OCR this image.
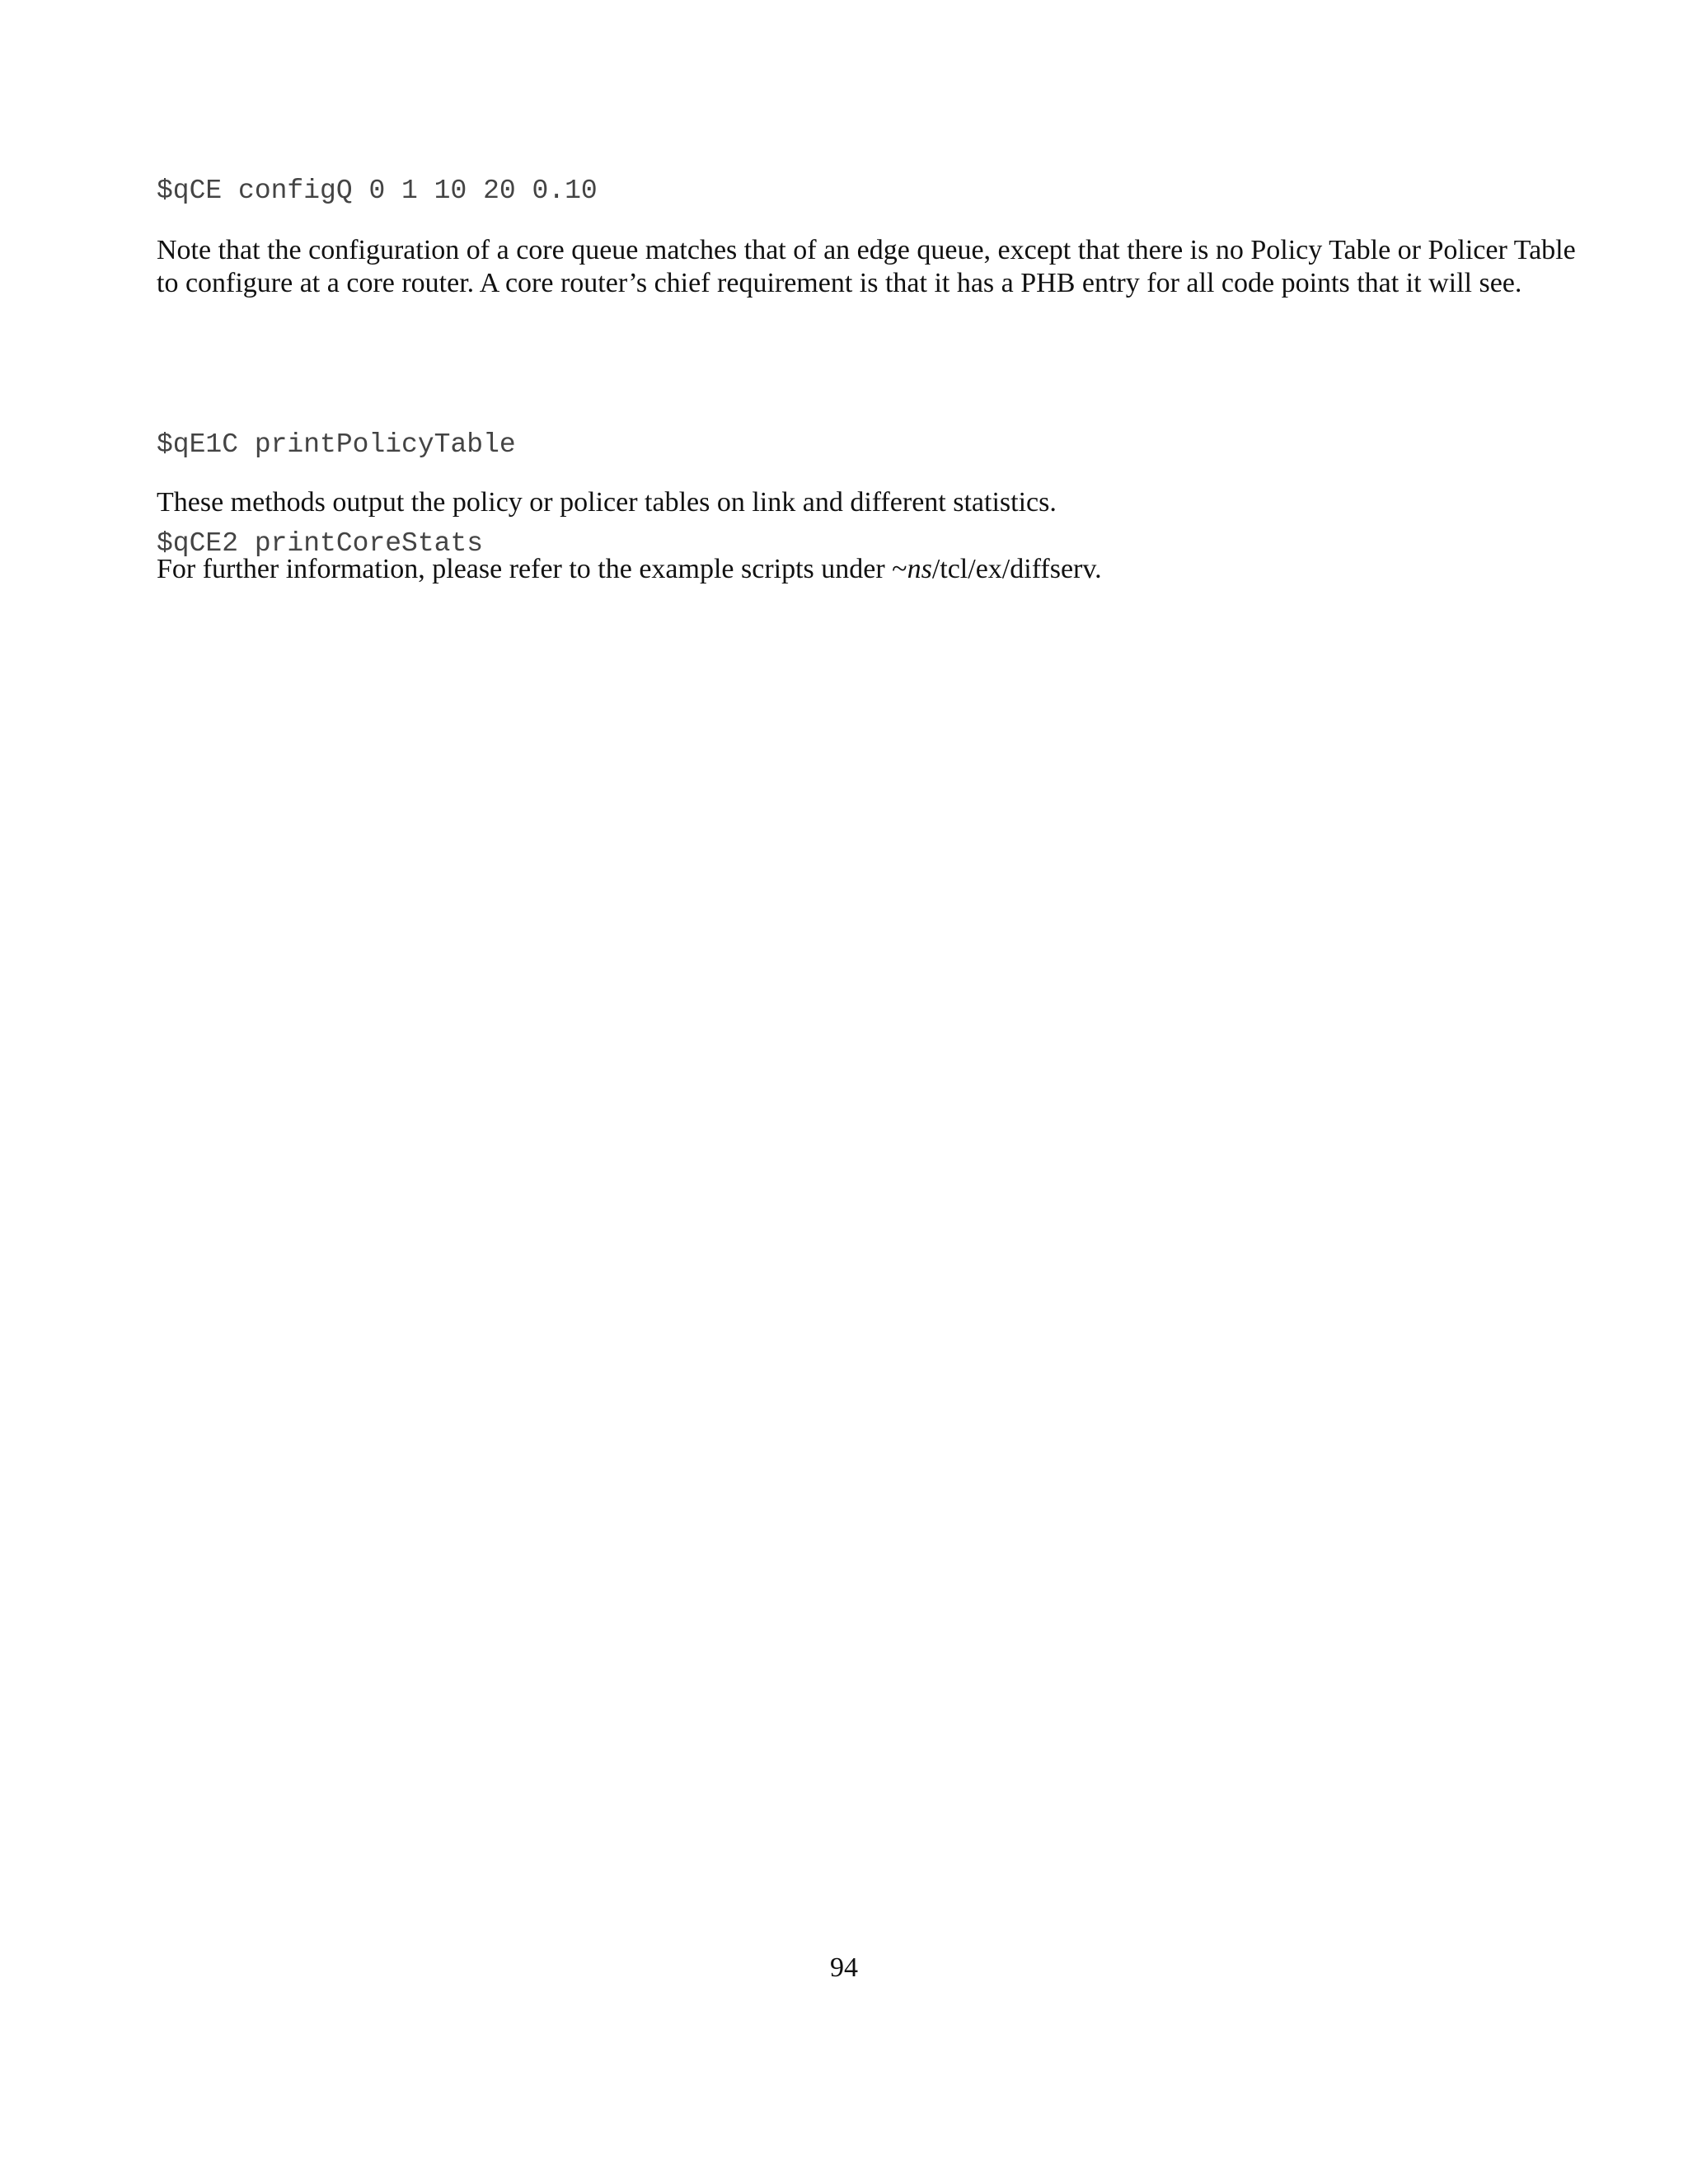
$qCE configQ 0 1 10 20 0.10

Note that the configuration of a core queue matches that of an edge queue, except that there is no Policy Table or Policer Table
to configure at a core router. A core router’s chief requirement is that it has a PHB entry for all code points that it will see.

$qE1C printPolicyTable

$qCE2 printCoreStats

These methods output the policy or policer tables on link and different statistics.

For further information, please refer to the example scripts under ~ns/tcl/ex/diffserv.

94
